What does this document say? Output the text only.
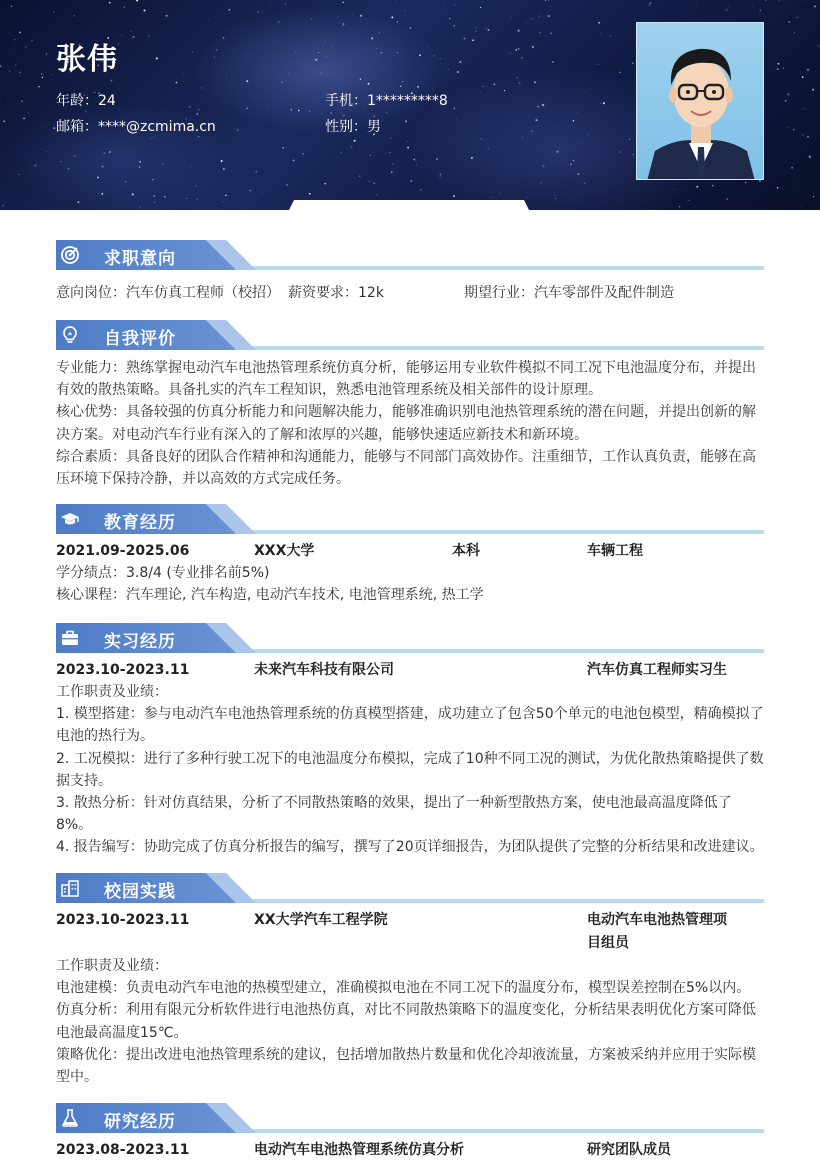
张伟
年龄：24	手机：1*********8
邮箱：****@zcmima.cn	性别：男
求职意向
意向岗位：汽车仿真工程师（校招） 薪资要求：12k	期望行业：汽车零部件及配件制造
自我评价
专业能力：熟练掌握电动汽车电池热管理系统仿真分析，能够运用专业软件模拟不同工况下电池温度分布，并提出有效的散热策略。具备扎实的汽车工程知识，熟悉电池管理系统及相关部件的设计原理。
核心优势：具备较强的仿真分析能力和问题解决能力，能够准确识别电池热管理系统的潜在问题，并提出创新的解决方案。对电动汽车行业有深入的了解和浓厚的兴趣，能够快速适应新技术和新环境。
综合素质：具备良好的团队合作精神和沟通能力，能够与不同部门高效协作。注重细节，工作认真负责，能够在高压环境下保持冷静，并以高效的方式完成任务。
教育经历
2021.09-2025.06	XXX大学	本科	车辆工程
学分绩点：3.8/4 (专业排名前5%)
核心课程：汽车理论, 汽车构造, 电动汽车技术, 电池管理系统, 热工学
实习经历
2023.10-2023.11	未来汽车科技有限公司	汽车仿真工程师实习生
工作职责及业绩：
1. 模型搭建：参与电动汽车电池热管理系统的仿真模型搭建，成功建立了包含50个单元的电池包模型，精确模拟了电池的热行为。
2. 工况模拟：进行了多种行驶工况下的电池温度分布模拟，完成了10种不同工况的测试，为优化散热策略提供了数据支持。
3. 散热分析：针对仿真结果，分析了不同散热策略的效果，提出了一种新型散热方案，使电池最高温度降低了8%。
4. 报告编写：协助完成了仿真分析报告的编写，撰写了20页详细报告，为团队提供了完整的分析结果和改进建议。
校园实践
2023.10-2023.11	XX大学汽车工程学院	电动汽车电池热管理项目组员
工作职责及业绩：
电池建模：负责电动汽车电池的热模型建立，准确模拟电池在不同工况下的温度分布，模型误差控制在5%以内。
仿真分析：利用有限元分析软件进行电池热仿真，对比不同散热策略下的温度变化，分析结果表明优化方案可降低电池最高温度15℃。
策略优化：提出改进电池热管理系统的建议，包括增加散热片数量和优化冷却液流量，方案被采纳并应用于实际模型中。
研究经历
2023.08-2023.11	电动汽车电池热管理系统仿真分析	研究团队成员
